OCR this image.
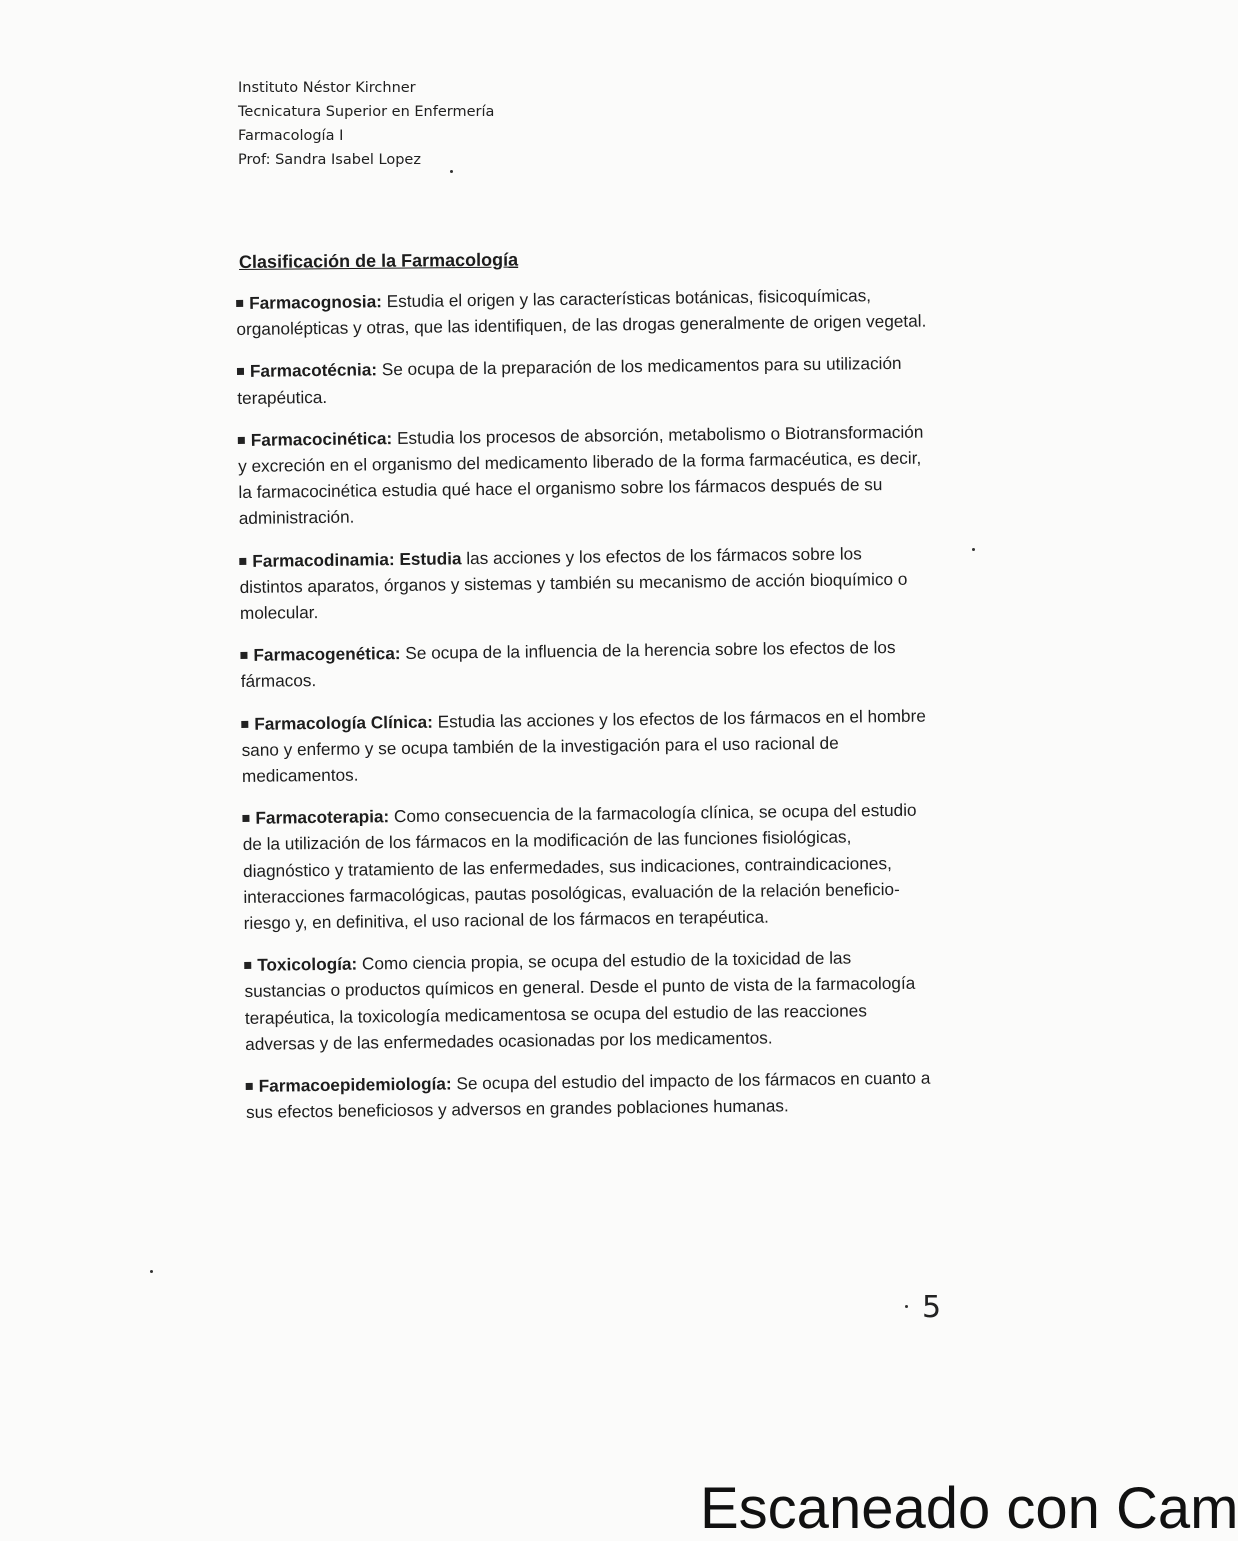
Instituto Néstor Kirchner
Tecnicatura Superior en Enfermería
Farmacología I
Prof: Sandra Isabel Lopez
Clasificación de la Farmacología

Farmacognosia: Estudia el origen y las características botánicas, fisicoquímicas, organolépticas y otras, que las identifiquen, de las drogas generalmente de origen vegetal.

Farmacotécnia: Se ocupa de la preparación de los medicamentos para su utilización terapéutica.

Farmacocinética: Estudia los procesos de absorción, metabolismo o Biotransformación y excreción en el organismo del medicamento liberado de la forma farmacéutica, es decir, la farmacocinética estudia qué hace el organismo sobre los fármacos después de su administración.

Farmacodinamia: Estudia las acciones y los efectos de los fármacos sobre los distintos aparatos, órganos y sistemas y también su mecanismo de acción bioquímico o molecular.

Farmacogenética: Se ocupa de la influencia de la herencia sobre los efectos de los fármacos.

Farmacología Clínica: Estudia las acciones y los efectos de los fármacos en el hombre sano y enfermo y se ocupa también de la investigación para el uso racional de medicamentos.

Farmacoterapia: Como consecuencia de la farmacología clínica, se ocupa del estudio de la utilización de los fármacos en la modificación de las funciones fisiológicas, diagnóstico y tratamiento de las enfermedades, sus indicaciones, contraindicaciones, interacciones farmacológicas, pautas posológicas, evaluación de la relación beneficio- riesgo y, en definitiva, el uso racional de los fármacos en terapéutica.

Toxicología: Como ciencia propia, se ocupa del estudio de la toxicidad de las sustancias o productos químicos en general. Desde el punto de vista de la farmacología terapéutica, la toxicología medicamentosa se ocupa del estudio de las reacciones adversas y de las enfermedades ocasionadas por los medicamentos.

Farmacoepidemiología: Se ocupa del estudio del impacto de los fármacos en cuanto a sus efectos beneficiosos y adversos en grandes poblaciones humanas.

5
Escaneado con Cam
